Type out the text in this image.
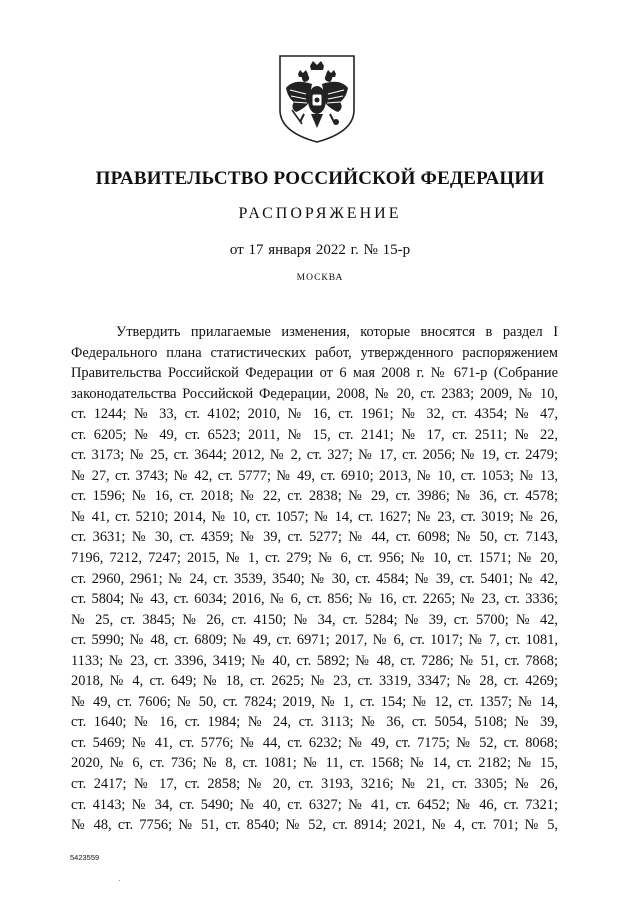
ПРАВИТЕЛЬСТВО РОССИЙСКОЙ ФЕДЕРАЦИИ
РАСПОРЯЖЕНИЕ
от 17 января 2022 г. № 15-р
МОСКВА
Утвердить прилагаемые изменения, которые вносятся в раздел I
Федерального плана статистических работ, утвержденного распоряжением
Правительства Российской Федерации от 6 мая 2008 г. № 671-р (Собрание
законодательства Российской Федерации, 2008, № 20, ст. 2383; 2009, № 10,
ст. 1244; № 33, ст. 4102; 2010, № 16, ст. 1961; № 32, ст. 4354; № 47,
ст. 6205; № 49, ст. 6523; 2011, № 15, ст. 2141; № 17, ст. 2511; № 22,
ст. 3173; № 25, ст. 3644; 2012, № 2, ст. 327; № 17, ст. 2056; № 19, ст. 2479;
№ 27, ст. 3743; № 42, ст. 5777; № 49, ст. 6910; 2013, № 10, ст. 1053; № 13,
ст. 1596; № 16, ст. 2018; № 22, ст. 2838; № 29, ст. 3986; № 36, ст. 4578;
№ 41, ст. 5210; 2014, № 10, ст. 1057; № 14, ст. 1627; № 23, ст. 3019; № 26,
ст. 3631; № 30, ст. 4359; № 39, ст. 5277; № 44, ст. 6098; № 50, ст. 7143,
7196, 7212, 7247; 2015, № 1, ст. 279; № 6, ст. 956; № 10, ст. 1571; № 20,
ст. 2960, 2961; № 24, ст. 3539, 3540; № 30, ст. 4584; № 39, ст. 5401; № 42,
ст. 5804; № 43, ст. 6034; 2016, № 6, ст. 856; № 16, ст. 2265; № 23, ст. 3336;
№ 25, ст. 3845; № 26, ст. 4150; № 34, ст. 5284; № 39, ст. 5700; № 42,
ст. 5990; № 48, ст. 6809; № 49, ст. 6971; 2017, № 6, ст. 1017; № 7, ст. 1081,
1133; № 23, ст. 3396, 3419; № 40, ст. 5892; № 48, ст. 7286; № 51, ст. 7868;
2018, № 4, ст. 649; № 18, ст. 2625; № 23, ст. 3319, 3347; № 28, ст. 4269;
№ 49, ст. 7606; № 50, ст. 7824; 2019, № 1, ст. 154; № 12, ст. 1357; № 14,
ст. 1640; № 16, ст. 1984; № 24, ст. 3113; № 36, ст. 5054, 5108; № 39,
ст. 5469; № 41, ст. 5776; № 44, ст. 6232; № 49, ст. 7175; № 52, ст. 8068;
2020, № 6, ст. 736; № 8, ст. 1081; № 11, ст. 1568; № 14, ст. 2182; № 15,
ст. 2417; № 17, ст. 2858; № 20, ст. 3193, 3216; № 21, ст. 3305; № 26,
ст. 4143; № 34, ст. 5490; № 40, ст. 6327; № 41, ст. 6452; № 46, ст. 7321;
№ 48, ст. 7756; № 51, ст. 8540; № 52, ст. 8914; 2021, № 4, ст. 701; № 5,
5423559
